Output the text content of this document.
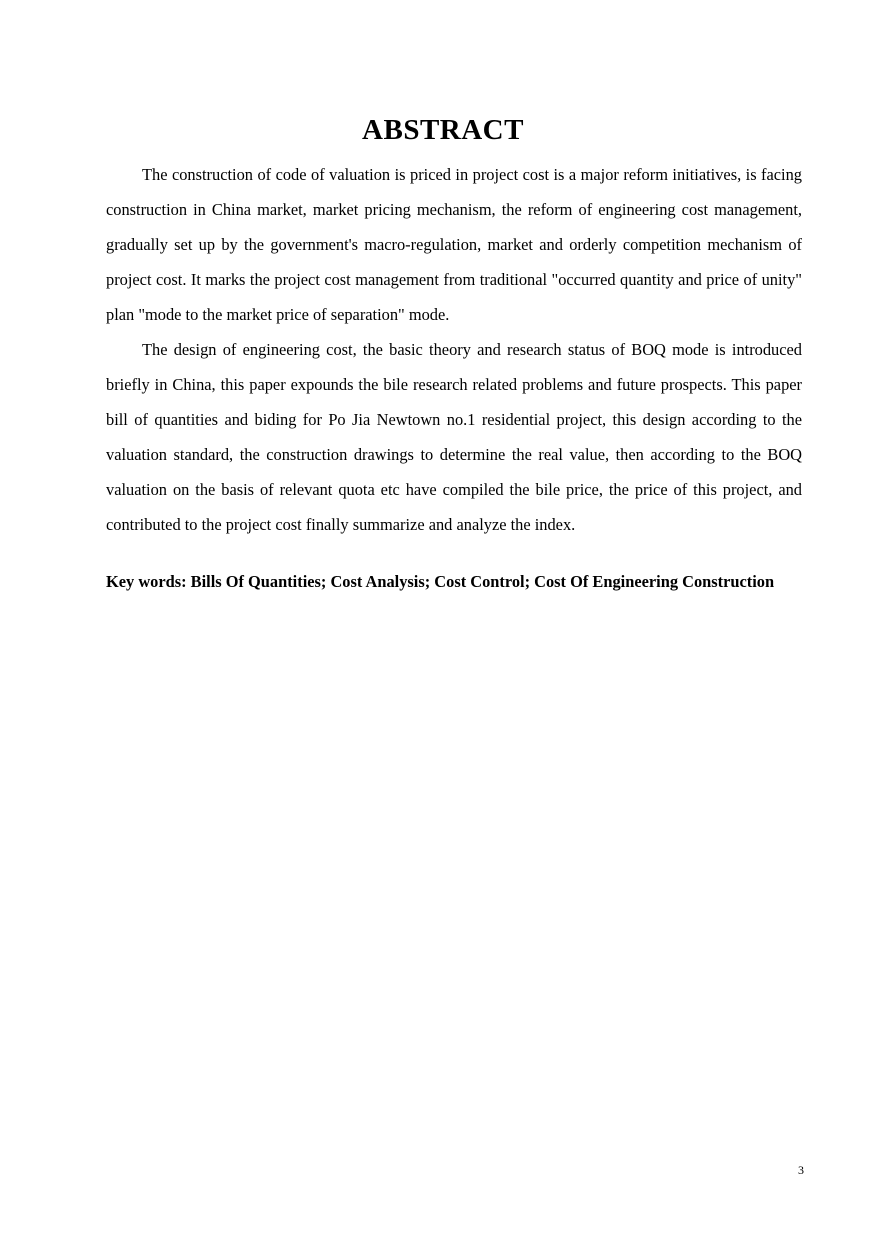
ABSTRACT

The construction of code of valuation is priced in project cost is a major reform initiatives, is facing construction in China market, market pricing mechanism, the reform of engineering cost management, gradually set up by the government's macro-regulation, market and orderly competition mechanism of project cost. It marks the project cost management from traditional "occurred quantity and price of unity" plan "mode to the market price of separation" mode.

The design of engineering cost, the basic theory and research status of BOQ mode is introduced briefly in China, this paper expounds the bile research related problems and future prospects. This paper bill of quantities and biding for Po Jia Newtown no.1 residential project, this design according to the valuation standard, the construction drawings to determine the real value, then according to the BOQ valuation on the basis of relevant quota etc have compiled the bile price, the price of this project, and contributed to the project cost finally summarize and analyze the index.

Key words: Bills Of Quantities; Cost Analysis; Cost Control; Cost Of Engineering Construction

3
